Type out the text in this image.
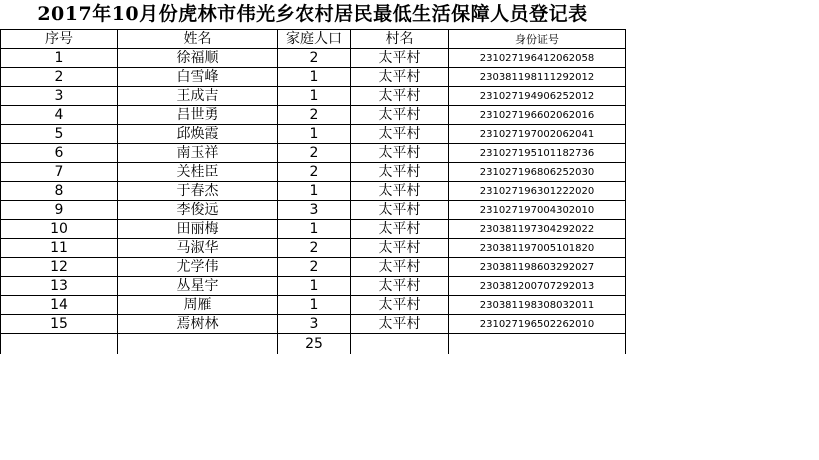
2017年10月份虎林市伟光乡农村居民最低生活保障人员登记表
序号	姓名	家庭人口	村名	身份证号
1	徐福顺	2	太平村	231027196412062058
2	白雪峰	1	太平村	230381198111292012
3	王成吉	1	太平村	231027194906252012
4	吕世勇	2	太平村	231027196602062016
5	邱焕霞	1	太平村	231027197002062041
6	南玉祥	2	太平村	231027195101182736
7	关桂臣	2	太平村	231027196806252030
8	于春杰	1	太平村	231027196301222020
9	李俊远	3	太平村	231027197004302010
10	田丽梅	1	太平村	230381197304292022
11	马淑华	2	太平村	230381197005101820
12	尤学伟	2	太平村	230381198603292027
13	丛星宇	1	太平村	230381200707292013
14	周雁	1	太平村	230381198308032011
15	焉树林	3	太平村	231027196502262010
		25		
